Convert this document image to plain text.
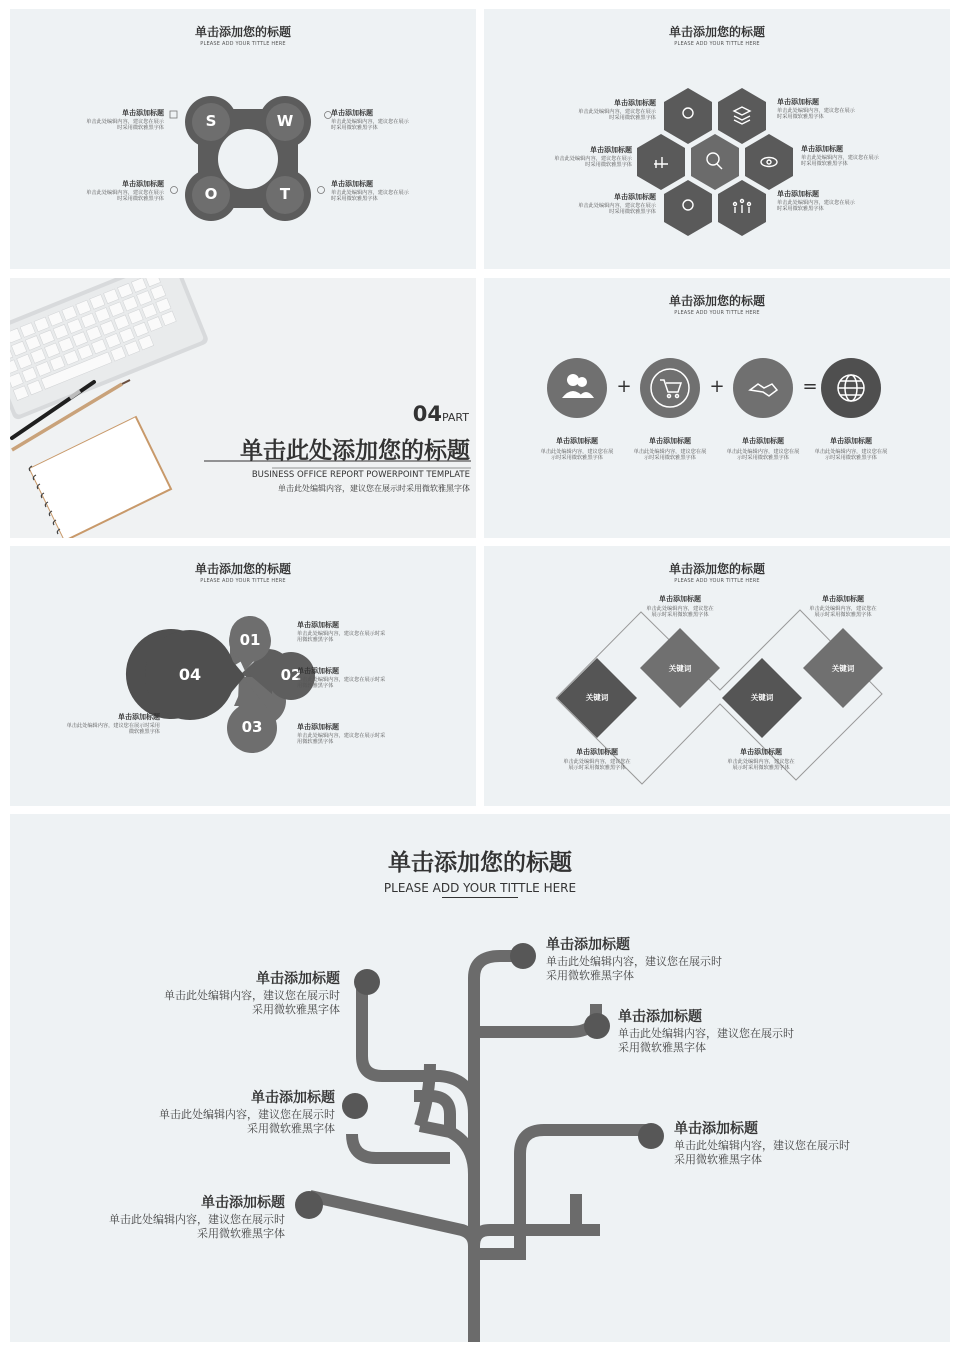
单击添加您的标题
PLEASE ADD YOUR TITTLE HERE
S	W
O	T
单击添加标题
单击此处编辑内容，建议您在展示时采用微软雅黑字体
单击添加标题
单击此处编辑内容，建议您在展示时采用微软雅黑字体
单击添加标题
单击此处编辑内容，建议您在展示时采用微软雅黑字体
单击添加标题
单击此处编辑内容，建议您在展示时采用微软雅黑字体
单击添加您的标题
PLEASE ADD YOUR TITTLE HERE
单击添加标题
单击此处编辑内容，建议您在展示时采用微软雅黑字体
单击添加标题
单击此处编辑内容，建议您在展示时采用微软雅黑字体
单击添加标题
单击此处编辑内容，建议您在展示时采用微软雅黑字体
单击添加标题
单击此处编辑内容，建议您在展示时采用微软雅黑字体
单击添加标题
单击此处编辑内容，建议您在展示时采用微软雅黑字体
单击添加标题
单击此处编辑内容，建议您在展示时采用微软雅黑字体
04PART
单击此处添加您的标题
BUSINESS OFFICE REPORT POWERPOINT TEMPLATE
单击此处编辑内容，建议您在展示时采用微软雅黑字体
单击添加您的标题
PLEASE ADD YOUR TITTLE HERE
+	+	=
单击添加标题
单击此处编辑内容，建议您在展示时采用微软雅黑字体
单击添加标题
单击此处编辑内容，建议您在展示时采用微软雅黑字体
单击添加标题
单击此处编辑内容，建议您在展示时采用微软雅黑字体
单击添加标题
单击此处编辑内容，建议您在展示时采用微软雅黑字体
单击添加您的标题
PLEASE ADD YOUR TITTLE HERE
01
02
03
04
单击添加标题
单击此处编辑内容，建议您在展示时采用微软雅黑字体
单击添加标题
单击此处编辑内容，建议您在展示时采用微软雅黑字体
单击添加标题
单击此处编辑内容，建议您在展示时采用微软雅黑字体
单击添加标题
单击此处编辑内容，建议您在展示时采用微软雅黑字体
单击添加您的标题
PLEASE ADD YOUR TITTLE HERE
关键词
关键词
关键词
关键词
单击添加标题
单击此处编辑内容，建议您在展示时采用微软雅黑字体
单击添加标题
单击此处编辑内容，建议您在展示时采用微软雅黑字体
单击添加标题
单击此处编辑内容，建议您在展示时采用微软雅黑字体
单击添加标题
单击此处编辑内容，建议您在展示时采用微软雅黑字体
单击添加您的标题
PLEASE ADD YOUR TITTLE HERE
单击添加标题
单击此处编辑内容，建议您在展示时采用微软雅黑字体
单击添加标题
单击此处编辑内容，建议您在展示时采用微软雅黑字体
单击添加标题
单击此处编辑内容，建议您在展示时采用微软雅黑字体
单击添加标题
单击此处编辑内容，建议您在展示时采用微软雅黑字体	单击添加标题
单击此处编辑内容，建议您在展示时采用微软雅黑字体
单击添加标题
单击此处编辑内容，建议您在展示时采用微软雅黑字体
